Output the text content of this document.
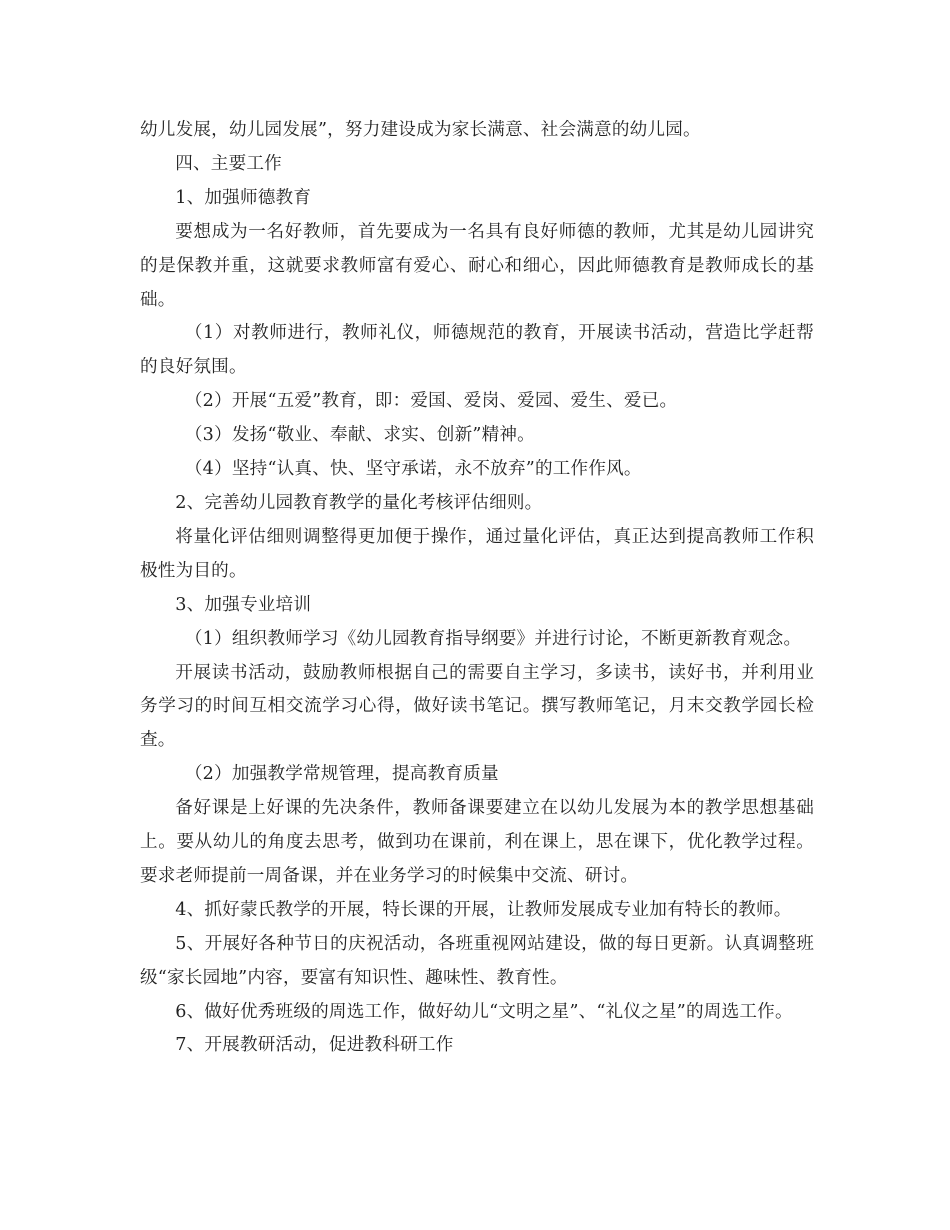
幼儿发展，幼儿园发展”，努力建设成为家长满意、社会满意的幼儿园。

四、主要工作

1、加强师德教育

要想成为一名好教师，首先要成为一名具有良好师德的教师，尤其是幼儿园讲究的是保教并重，这就要求教师富有爱心、耐心和细心，因此师德教育是教师成长的基础。

（1）对教师进行，教师礼仪，师德规范的教育，开展读书活动，营造比学赶帮的良好氛围。

（2）开展“五爱”教育，即：爱国、爱岗、爱园、爱生、爱已。

（3）发扬“敬业、奉献、求实、创新”精神。

（4）坚持“认真、快、坚守承诺，永不放弃”的工作作风。

2、完善幼儿园教育教学的量化考核评估细则。

将量化评估细则调整得更加便于操作，通过量化评估，真正达到提高教师工作积极性为目的。

3、加强专业培训

（1）组织教师学习《幼儿园教育指导纲要》并进行讨论，不断更新教育观念。

开展读书活动，鼓励教师根据自己的需要自主学习，多读书，读好书，并利用业务学习的时间互相交流学习心得，做好读书笔记。撰写教师笔记，月末交教学园长检查。

（2）加强教学常规管理，提高教育质量

备好课是上好课的先决条件，教师备课要建立在以幼儿发展为本的教学思想基础上。要从幼儿的角度去思考，做到功在课前，利在课上，思在课下，优化教学过程。要求老师提前一周备课，并在业务学习的时候集中交流、研讨。

4、抓好蒙氏教学的开展，特长课的开展，让教师发展成专业加有特长的教师。

5、开展好各种节日的庆祝活动，各班重视网站建设，做的每日更新。认真调整班级“家长园地”内容，要富有知识性、趣味性、教育性。

6、做好优秀班级的周选工作，做好幼儿“文明之星”、“礼仪之星”的周选工作。

7、开展教研活动，促进教科研工作
